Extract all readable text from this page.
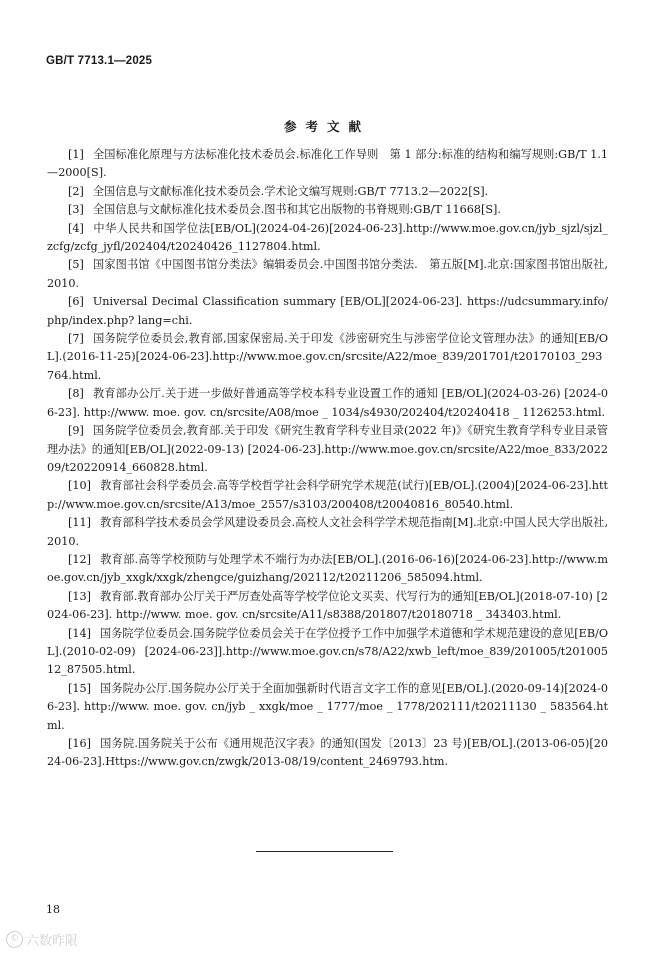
GB/T 7713.1—2025
参考文献

[1] 全国标准化原理与方法标准化技术委员会.标准化工作导则　第 1 部分:标准的结构和编写规则:GB/T 1.1—2000[S].

[2] 全国信息与文献标准化技术委员会.学术论文编写规则:GB/T 7713.2—2022[S].

[3] 全国信息与文献标准化技术委员会.图书和其它出版物的书脊规则:GB/T 11668[S].

[4] 中华人民共和国学位法[EB/OL](2024-04-26)[2024-06-23].http://www.moe.gov.cn/jyb_sjzl/sjzl_zcfg/zcfg_jyfl/202404/t20240426_1127804.html.

[5] 国家图书馆《中国图书馆分类法》编辑委员会.中国图书馆分类法.　第五版[M].北京:国家图书馆出版社,2010.

[6] Universal Decimal Classification summary [EB/OL][2024-06-23]. https://udcsummary.info/php/index.php? lang=chi.

[7] 国务院学位委员会,教育部,国家保密局.关于印发《涉密研究生与涉密学位论文管理办法》的通知[EB/OL].(2016-11-25)[2024-06-23].http://www.moe.gov.cn/srcsite/A22/moe_839/201701/t20170103_293764.html.

[8] 教育部办公厅.关于进一步做好普通高等学校本科专业设置工作的通知 [EB/OL](2024-03-26) [2024-06-23]. http://www. moe. gov. cn/srcsite/A08/moe _ 1034/s4930/202404/t20240418 _ 1126253.html.

[9] 国务院学位委员会,教育部.关于印发《研究生教育学科专业目录(2022 年)》《研究生教育学科专业目录管理办法》的通知[EB/OL](2022-09-13) [2024-06-23].http://www.moe.gov.cn/srcsite/A22/moe_833/202209/t20220914_660828.html.

[10] 教育部社会科学委员会.高等学校哲学社会科学研究学术规范(试行)[EB/OL].(2004)[2024-06-23].http://www.moe.gov.cn/srcsite/A13/moe_2557/s3103/200408/t20040816_80540.html.

[11] 教育部科学技术委员会学风建设委员会.高校人文社会科学学术规范指南[M].北京:中国人民大学出版社,2010.

[12] 教育部.高等学校预防与处理学术不端行为办法[EB/OL].(2016-06-16)[2024-06-23].http://www.moe.gov.cn/jyb_xxgk/xxgk/zhengce/guizhang/202112/t20211206_585094.html.

[13] 教育部.教育部办公厅关于严厉查处高等学校学位论文买卖、代写行为的通知[EB/OL](2018-07-10) [2024-06-23]. http://www. moe. gov. cn/srcsite/A11/s8388/201807/t20180718 _ 343403.html.

[14] 国务院学位委员会.国务院学位委员会关于在学位授予工作中加强学术道德和学术规范建设的意见[EB/OL].(2010-02-09) [2024-06-23]].http://www.moe.gov.cn/s78/A22/xwb_left/moe_839/201005/t20100512_87505.html.

[15] 国务院办公厅.国务院办公厅关于全面加强新时代语言文字工作的意见[EB/OL].(2020-09-14)[2024-06-23]. http://www. moe. gov. cn/jyb _ xxgk/moe _ 1777/moe _ 1778/202111/t20211130 _ 583564.html.

[16] 国务院.国务院关于公布《通用规范汉字表》的通知(国发〔2013〕23 号)[EB/OL].(2013-06-05)[2024-06-23].Https://www.gov.cn/zwgk/2013-08/19/content_2469793.htm.

18
© 六数昨限
